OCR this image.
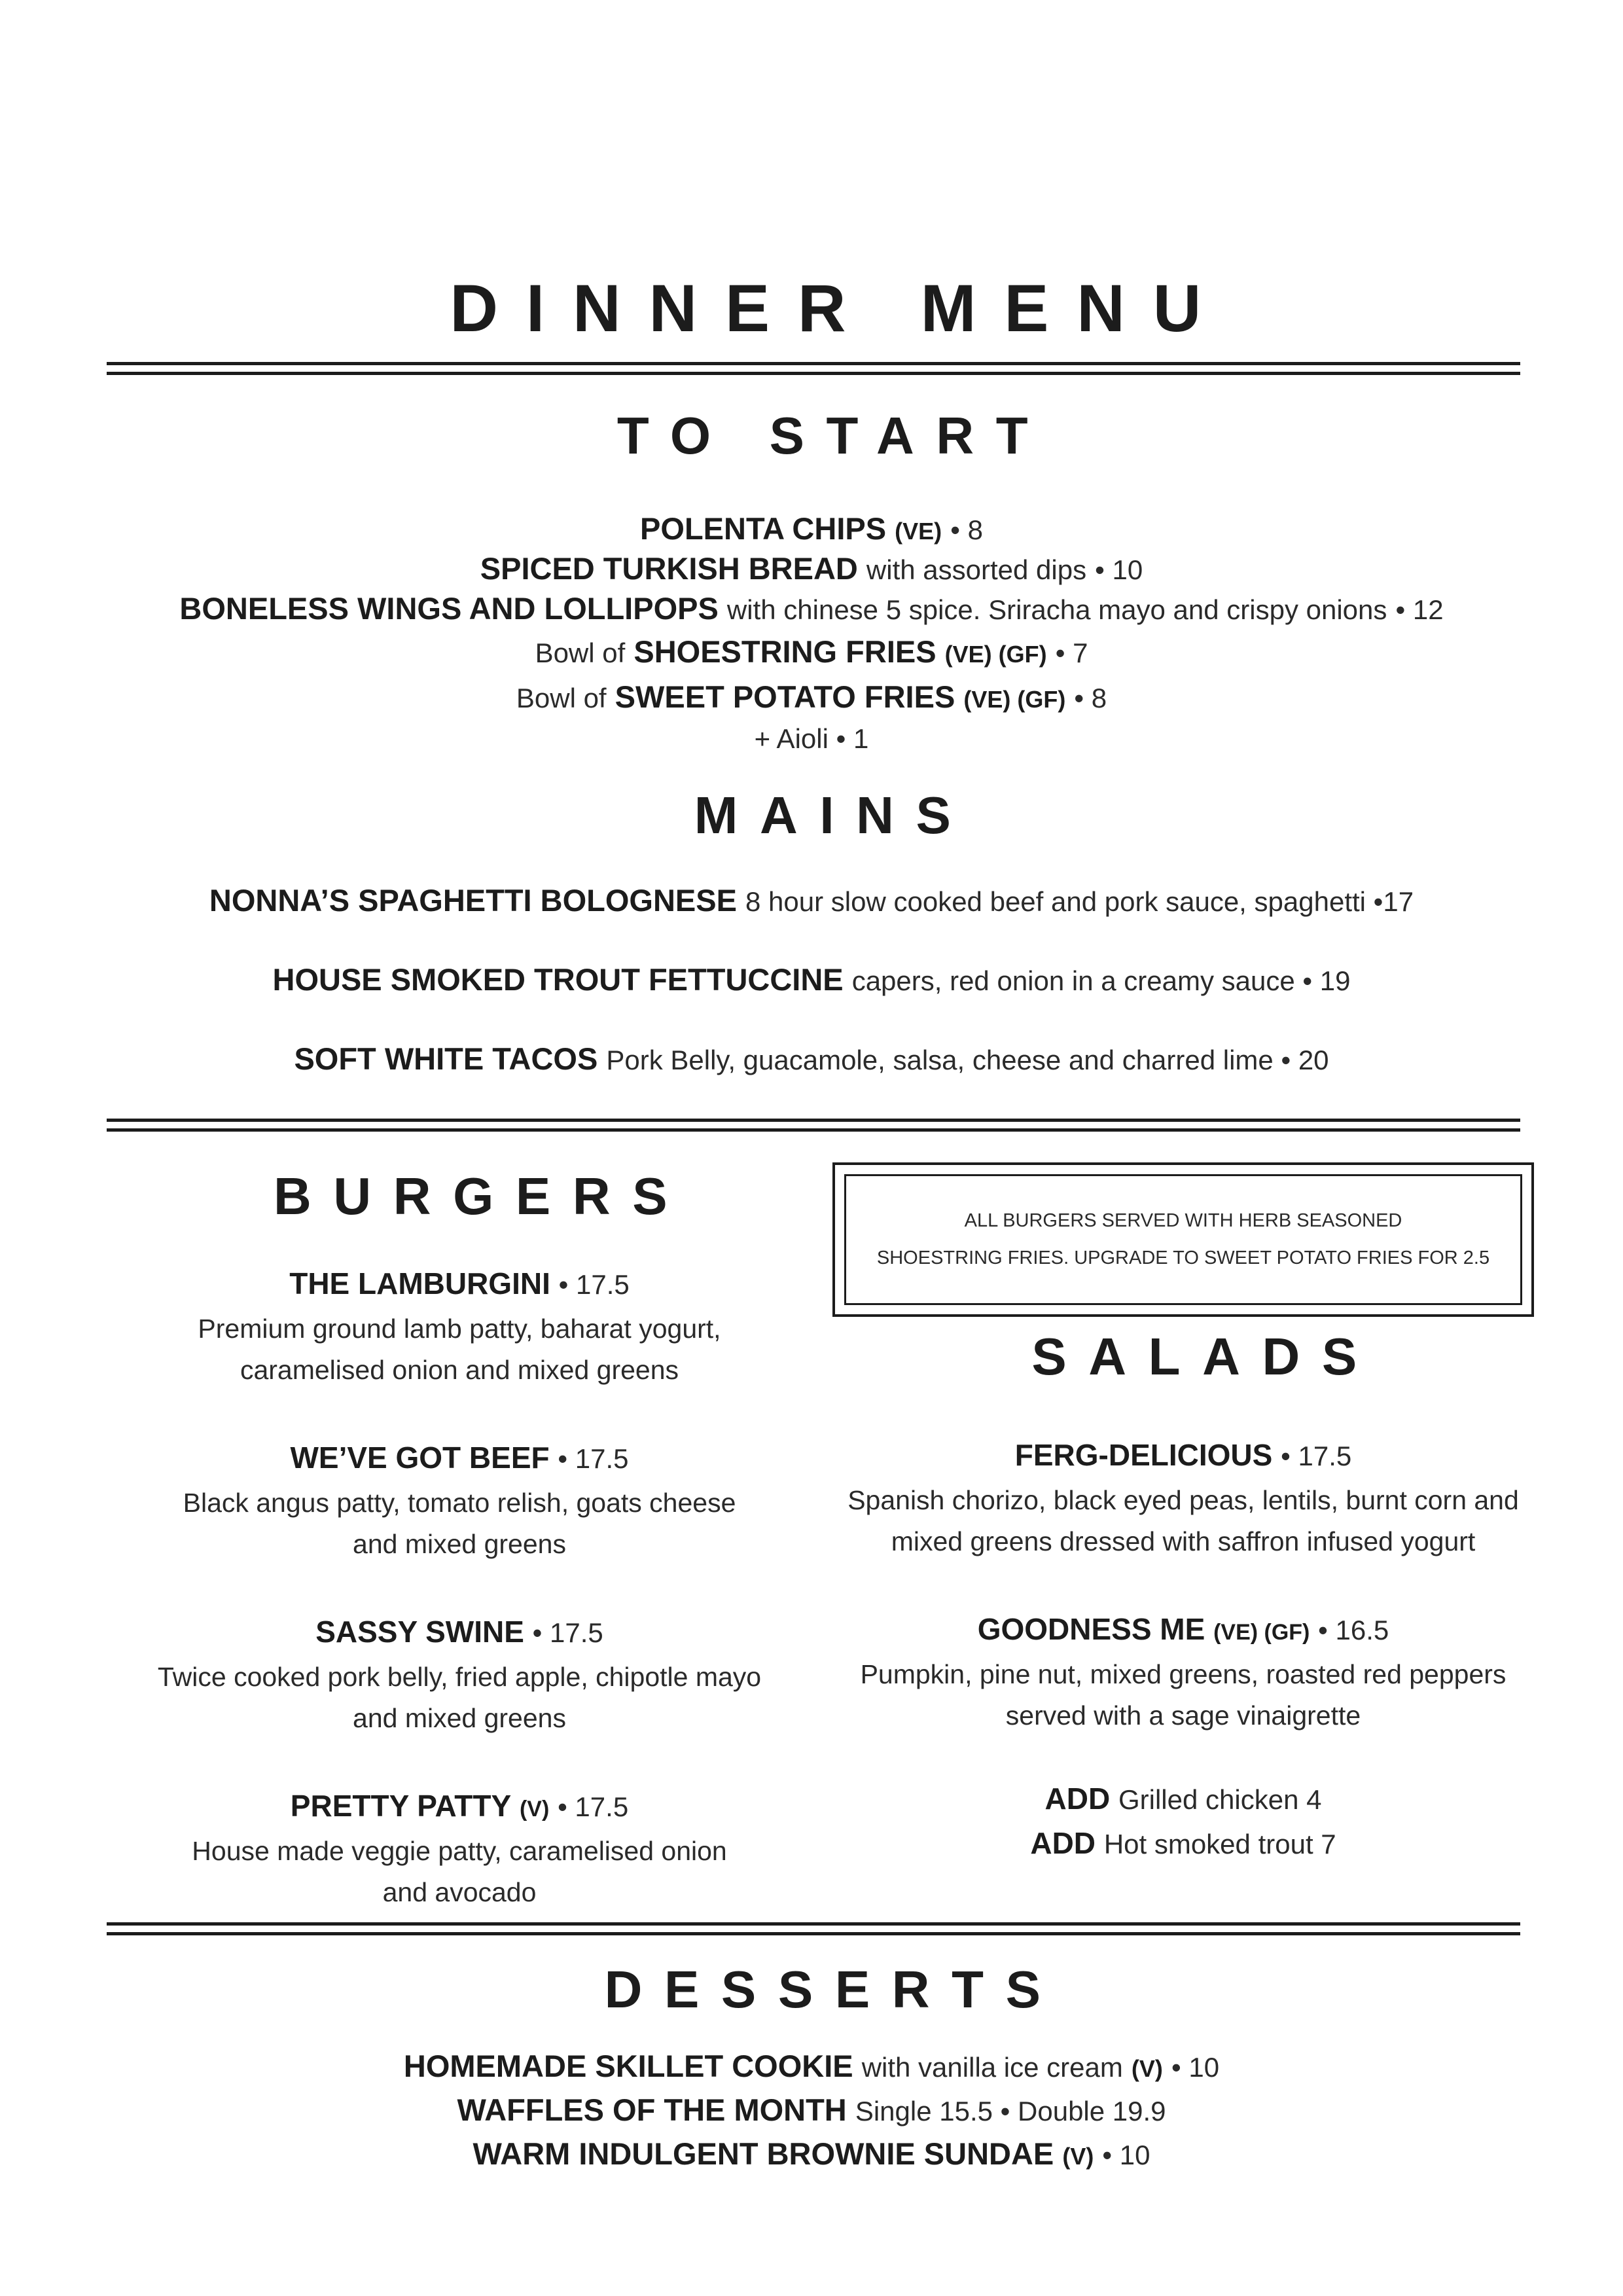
DINNER MENU
TO START
POLENTA CHIPS (VE) • 8
SPICED TURKISH BREAD with assorted dips • 10
BONELESS WINGS AND LOLLIPOPS with chinese 5 spice. Sriracha mayo and crispy onions • 12
Bowl of SHOESTRING FRIES (VE) (GF) • 7
Bowl of SWEET POTATO FRIES (VE) (GF) • 8
+ Aioli • 1
MAINS
NONNA’S SPAGHETTI BOLOGNESE 8 hour slow cooked beef and pork sauce, spaghetti •17
HOUSE SMOKED TROUT FETTUCCINE capers, red onion in a creamy sauce • 19
SOFT WHITE TACOS Pork Belly, guacamole, salsa, cheese and charred lime • 20
BURGERS
THE LAMBURGINI • 17.5
Premium ground lamb patty, baharat yogurt,
caramelised onion and mixed greens
WE’VE GOT BEEF • 17.5
Black angus patty, tomato relish, goats cheese
and mixed greens
SASSY SWINE • 17.5
Twice cooked pork belly, fried apple, chipotle mayo
and mixed greens
PRETTY PATTY (V) • 17.5
House made veggie patty, caramelised onion
and avocado
ALL BURGERS SERVED WITH HERB SEASONED
SHOESTRING FRIES. UPGRADE TO SWEET POTATO FRIES FOR 2.5
SALADS
FERG-DELICIOUS • 17.5
Spanish chorizo, black eyed peas, lentils, burnt corn and
mixed greens dressed with saffron infused yogurt
GOODNESS ME (VE) (GF) • 16.5
Pumpkin, pine nut, mixed greens, roasted red peppers
served with a sage vinaigrette
ADD Grilled chicken 4
ADD Hot smoked trout 7
DESSERTS
HOMEMADE SKILLET COOKIE with vanilla ice cream (V) • 10
WAFFLES OF THE MONTH Single 15.5 • Double 19.9
WARM INDULGENT BROWNIE SUNDAE (V) • 10
